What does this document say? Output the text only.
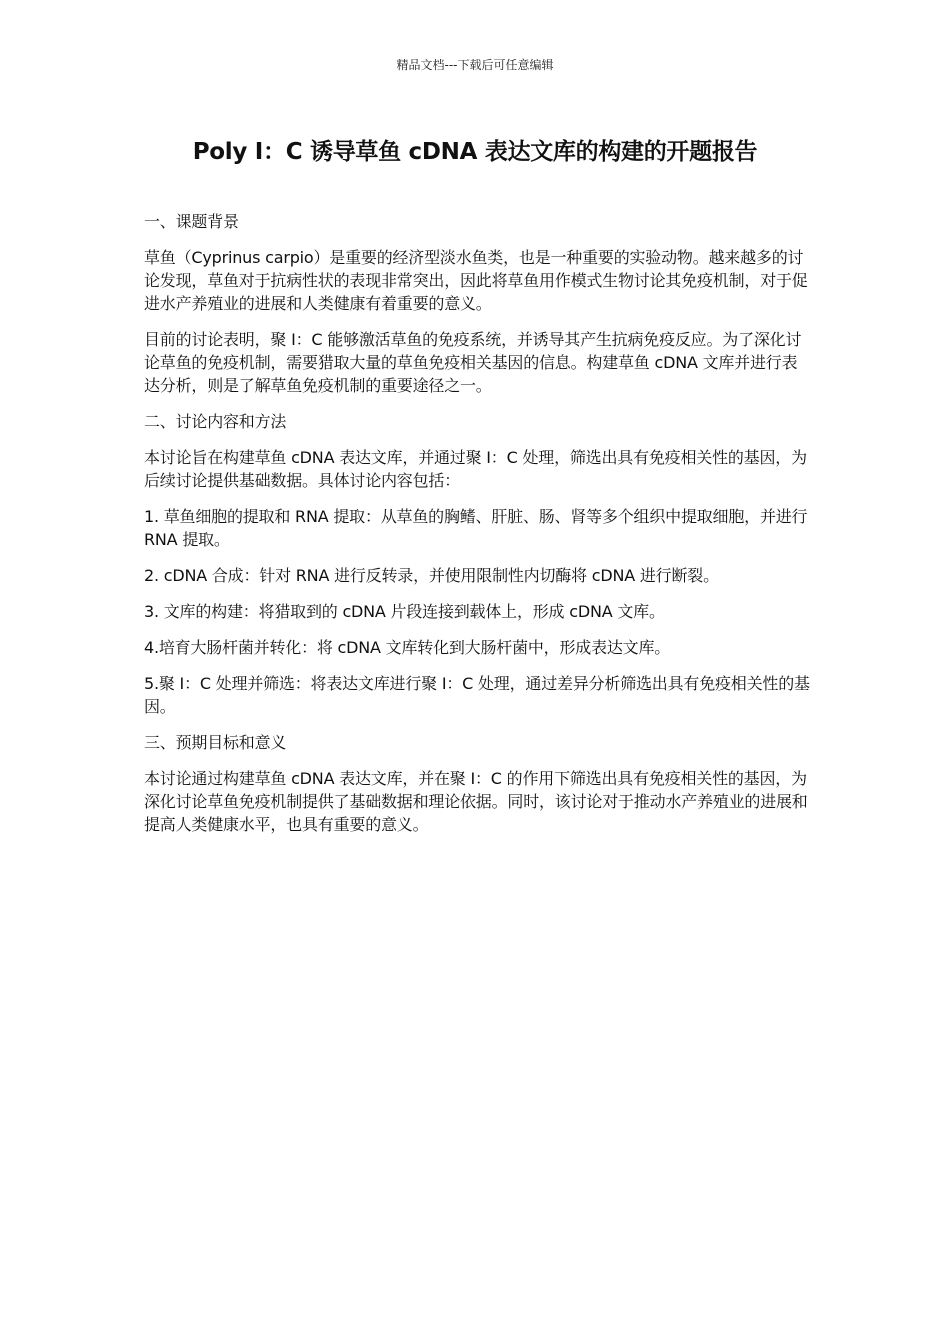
精品文档---下载后可任意编辑
Poly I：C 诱导草鱼 cDNA 表达文库的构建的开题报告

一、课题背景

草鱼（Cyprinus carpio）是重要的经济型淡水鱼类，也是一种重要的实验动物。越来越多的讨论发现，草鱼对于抗病性状的表现非常突出，因此将草鱼用作模式生物讨论其免疫机制，对于促进水产养殖业的进展和人类健康有着重要的意义。

目前的讨论表明，聚 I：C 能够激活草鱼的免疫系统，并诱导其产生抗病免疫反应。为了深化讨论草鱼的免疫机制，需要猎取大量的草鱼免疫相关基因的信息。构建草鱼 cDNA 文库并进行表达分析，则是了解草鱼免疫机制的重要途径之一。

二、讨论内容和方法

本讨论旨在构建草鱼 cDNA 表达文库，并通过聚 I：C 处理，筛选出具有免疫相关性的基因，为后续讨论提供基础数据。具体讨论内容包括：

1. 草鱼细胞的提取和 RNA 提取：从草鱼的胸鳍、肝脏、肠、肾等多个组织中提取细胞，并进行 RNA 提取。

2. cDNA 合成：针对 RNA 进行反转录，并使用限制性内切酶将 cDNA 进行断裂。

3. 文库的构建：将猎取到的 cDNA 片段连接到载体上，形成 cDNA 文库。

4.培育大肠杆菌并转化：将 cDNA 文库转化到大肠杆菌中，形成表达文库。

5.聚 I：C 处理并筛选：将表达文库进行聚 I：C 处理，通过差异分析筛选出具有免疫相关性的基因。

三、预期目标和意义

本讨论通过构建草鱼 cDNA 表达文库，并在聚 I：C 的作用下筛选出具有免疫相关性的基因，为深化讨论草鱼免疫机制提供了基础数据和理论依据。同时，该讨论对于推动水产养殖业的进展和提高人类健康水平，也具有重要的意义。
